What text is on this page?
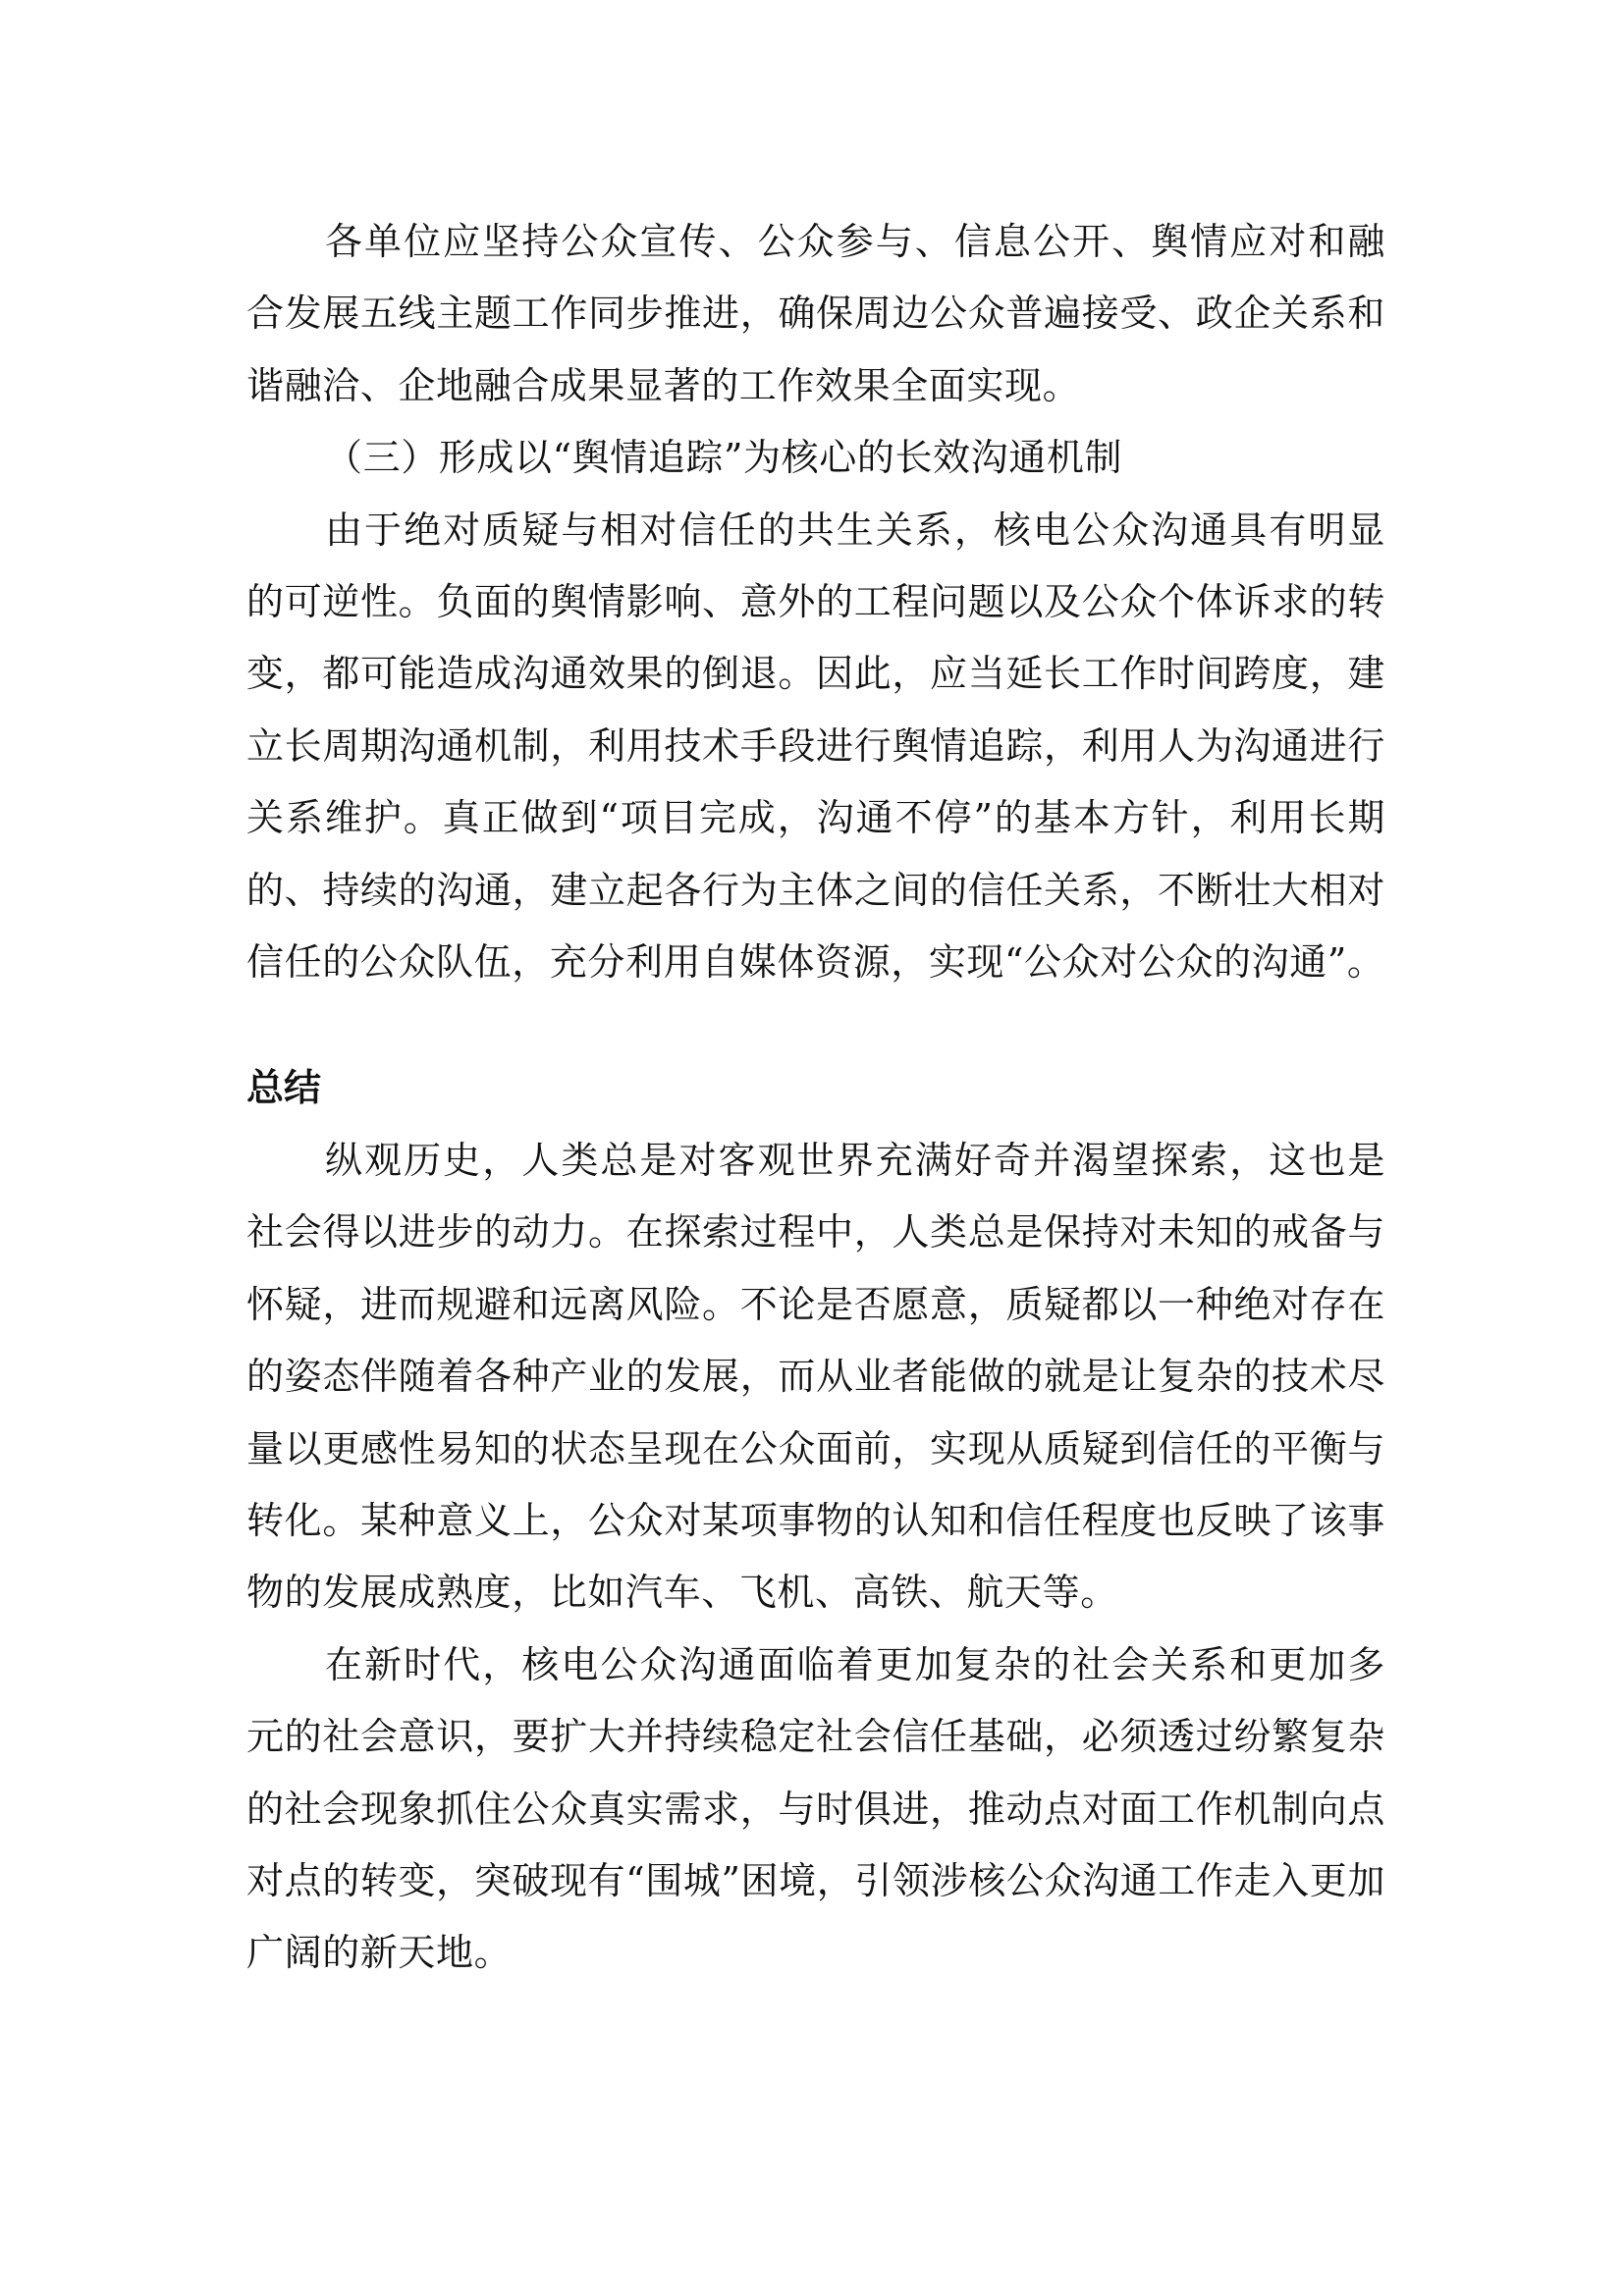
各单位应坚持公众宣传、公众参与、信息公开、舆情应对和融合发展五线主题工作同步推进，确保周边公众普遍接受、政企关系和谐融洽、企地融合成果显著的工作效果全面实现。

（三）形成以“舆情追踪”为核心的长效沟通机制

由于绝对质疑与相对信任的共生关系，核电公众沟通具有明显的可逆性。负面的舆情影响、意外的工程问题以及公众个体诉求的转变，都可能造成沟通效果的倒退。因此，应当延长工作时间跨度，建立长周期沟通机制，利用技术手段进行舆情追踪，利用人为沟通进行关系维护。真正做到“项目完成，沟通不停”的基本方针，利用长期的、持续的沟通，建立起各行为主体之间的信任关系，不断壮大相对信任的公众队伍，充分利用自媒体资源，实现“公众对公众的沟通”。

总结

纵观历史，人类总是对客观世界充满好奇并渴望探索，这也是社会得以进步的动力。在探索过程中，人类总是保持对未知的戒备与怀疑，进而规避和远离风险。不论是否愿意，质疑都以一种绝对存在的姿态伴随着各种产业的发展，而从业者能做的就是让复杂的技术尽量以更感性易知的状态呈现在公众面前，实现从质疑到信任的平衡与转化。某种意义上，公众对某项事物的认知和信任程度也反映了该事物的发展成熟度，比如汽车、飞机、高铁、航天等。

在新时代，核电公众沟通面临着更加复杂的社会关系和更加多元的社会意识，要扩大并持续稳定社会信任基础，必须透过纷繁复杂的社会现象抓住公众真实需求，与时俱进，推动点对面工作机制向点对点的转变，突破现有“围城”困境，引领涉核公众沟通工作走入更加广阔的新天地。
